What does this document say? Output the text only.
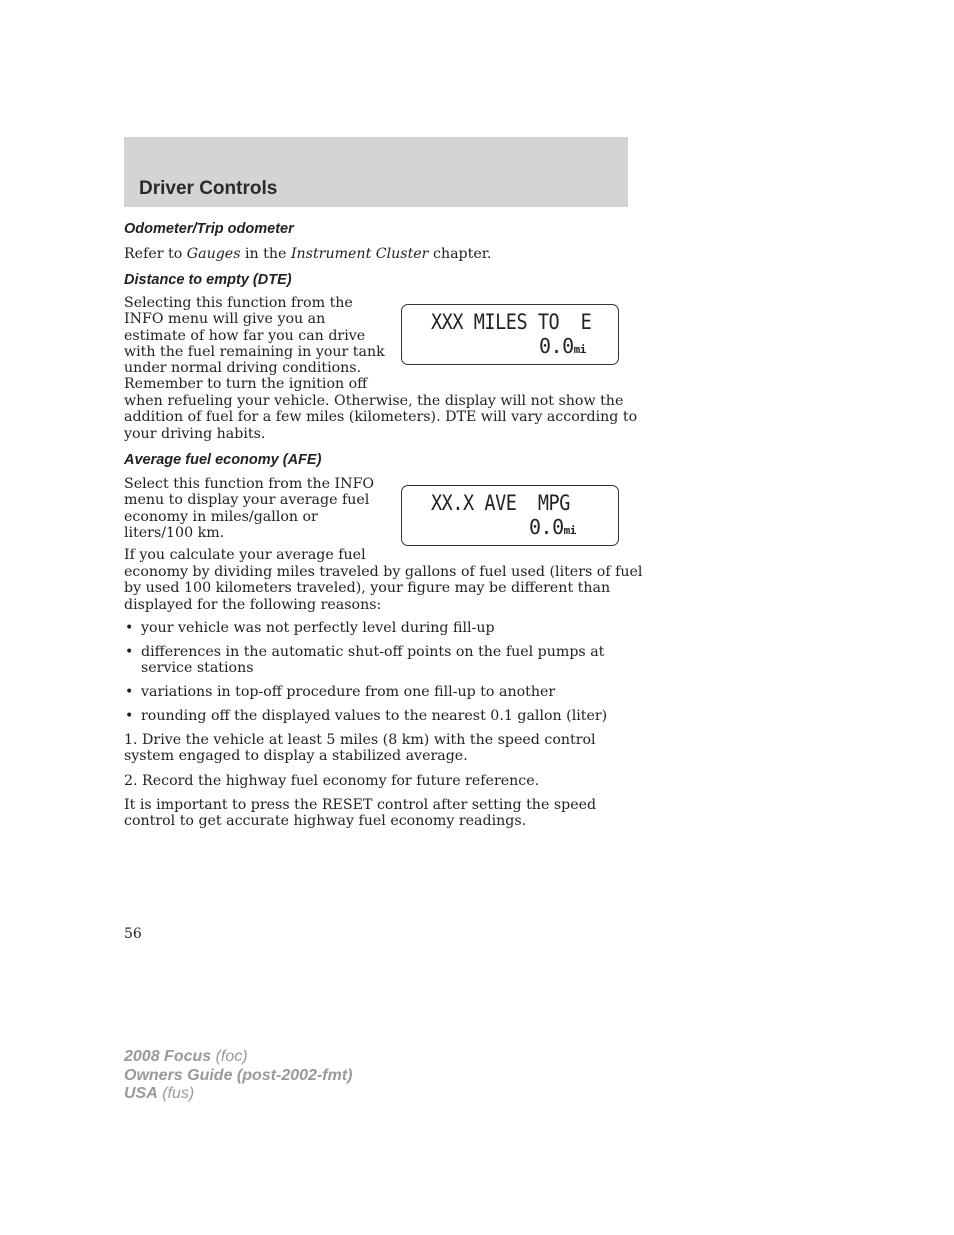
Driver Controls
Odometer/Trip odometer
Refer to Gauges in the Instrument Cluster chapter.
Distance to empty (DTE)
Selecting this function from the
INFO menu will give you an
estimate of how far you can drive
with the fuel remaining in your tank
under normal driving conditions.
Remember to turn the ignition off
when refueling your vehicle. Otherwise, the display will not show the
addition of fuel for a few miles (kilometers). DTE will vary according to
your driving habits.
XXX MILES TO  E
0.0mi
Average fuel economy (AFE)
Select this function from the INFO
menu to display your average fuel
economy in miles/gallon or
liters/100 km.
If you calculate your average fuel
economy by dividing miles traveled by gallons of fuel used (liters of fuel
by used 100 kilometers traveled), your figure may be different than
displayed for the following reasons:
XX.X AVE  MPG
0.0mi
• your vehicle was not perfectly level during fill-up
• differences in the automatic shut-off points on the fuel pumps at
service stations
• variations in top-off procedure from one fill-up to another
• rounding off the displayed values to the nearest 0.1 gallon (liter)
1. Drive the vehicle at least 5 miles (8 km) with the speed control
system engaged to display a stabilized average.
2. Record the highway fuel economy for future reference.
It is important to press the RESET control after setting the speed
control to get accurate highway fuel economy readings.
56
2008 Focus (foc)
Owners Guide (post-2002-fmt)
USA (fus)
